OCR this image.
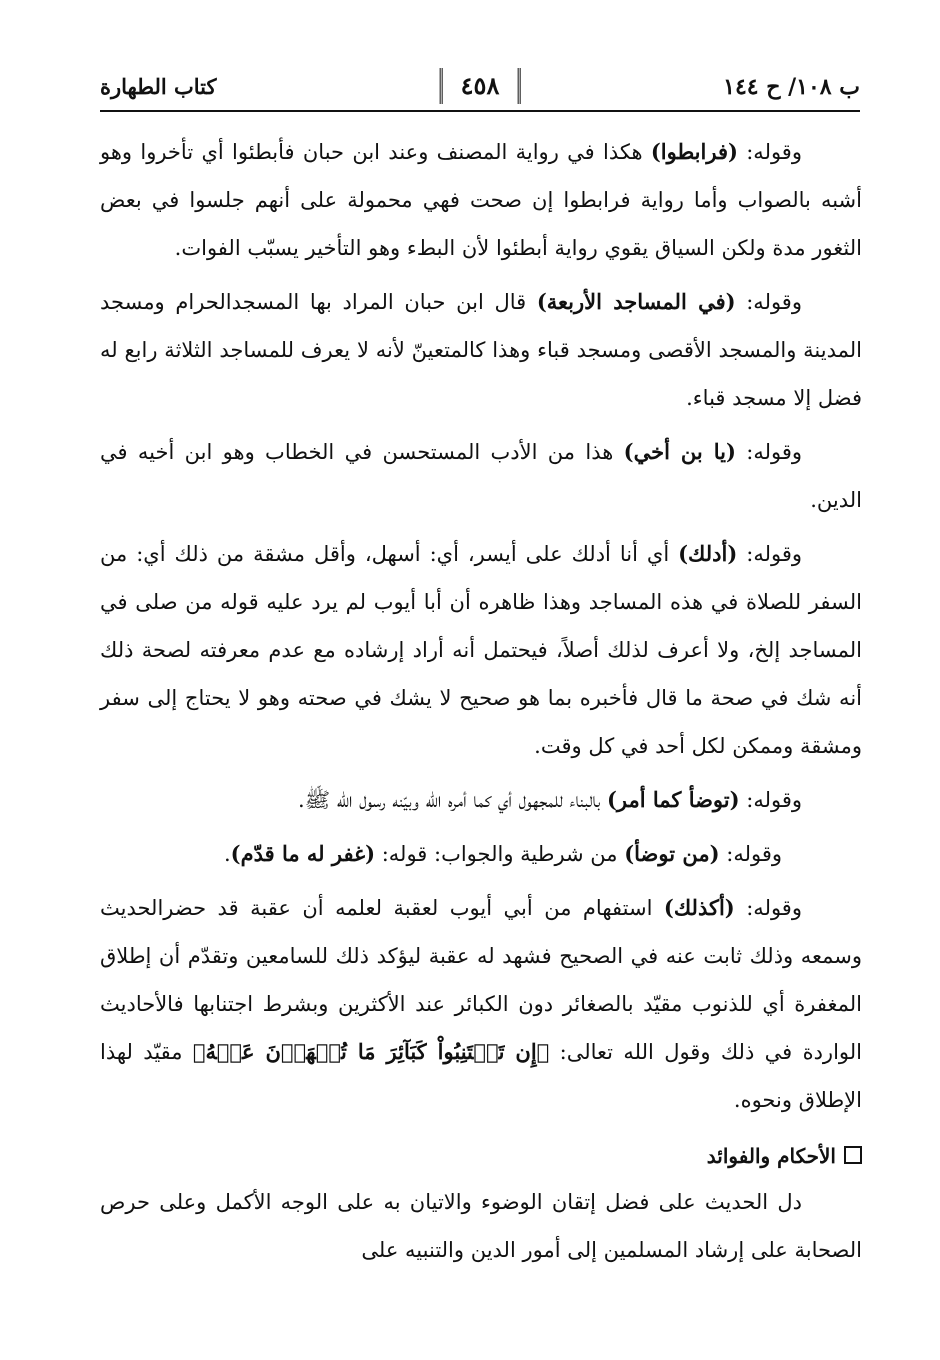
ب ١٠٨/ ح ١٤٤
٤٥٨
كتاب الطهارة

وقوله: (فرابطوا) هكذا في رواية المصنف وعند ابن حبان فأبطئوا أي تأخروا وهو أشبه بالصواب وأما رواية فرابطوا إن صحت فهي محمولة على أنهم جلسوا في بعض الثغور مدة ولكن السياق يقوي رواية أبطئوا لأن البطء وهو التأخير يسبّب الفوات.

وقوله: (في المساجد الأربعة) قال ابن حبان المراد بها المسجدالحرام ومسجد المدينة والمسجد الأقصى ومسجد قباء وهذا كالمتعينّ لأنه لا يعرف للمساجد الثلاثة رابع له فضل إلا مسجد قباء.

وقوله: (يا بن أخي) هذا من الأدب المستحسن في الخطاب وهو ابن أخيه في الدين.

وقوله: (أدلك) أي أنا أدلك على أيسر، أي: أسهل، وأقل مشقة من ذلك أي: من السفر للصلاة في هذه المساجد وهذا ظاهره أن أبا أيوب لم يرد عليه قوله من صلى في المساجد إلخ، ولا أعرف لذلك أصلاً، فيحتمل أنه أراد إرشاده مع عدم معرفته لصحة ذلك أنه شك في صحة ما قال فأخبره بما هو صحيح لا يشك في صحته وهو لا يحتاج إلى سفر ومشقة وممكن لكل أحد في كل وقت.

وقوله: (توضأ كما أمر) بالبناء للمجهول أي كما أمره الله وبيّنه رسول الله ﷺ.

وقوله: (من توضأ) من شرطية والجواب: قوله: (غفر له ما قدّم).

وقوله: (أكذلك) استفهام من أبي أيوب لعقبة لعلمه أن عقبة قد حضرالحديث وسمعه وذلك ثابت عنه في الصحيح فشهد له عقبة ليؤكد ذلك للسامعين وتقدّم أن إطلاق المغفرة أي للذنوب مقيّد بالصغائر دون الكبائر عند الأكثرين وبشرط اجتنابها فالأحاديث الواردة في ذلك وقول الله تعالى: ﴿إِن تَجۡتَنِبُواْ كَبَآئِرَ مَا تُنۡهَوۡنَ عَنۡهُ﴾ مقيّد لهذا الإطلاق ونحوه.

الأحكام والفوائد

دل الحديث على فضل إتقان الوضوء والاتيان به على الوجه الأكمل وعلى حرص الصحابة على إرشاد المسلمين إلى أمور الدين والتنبيه على
